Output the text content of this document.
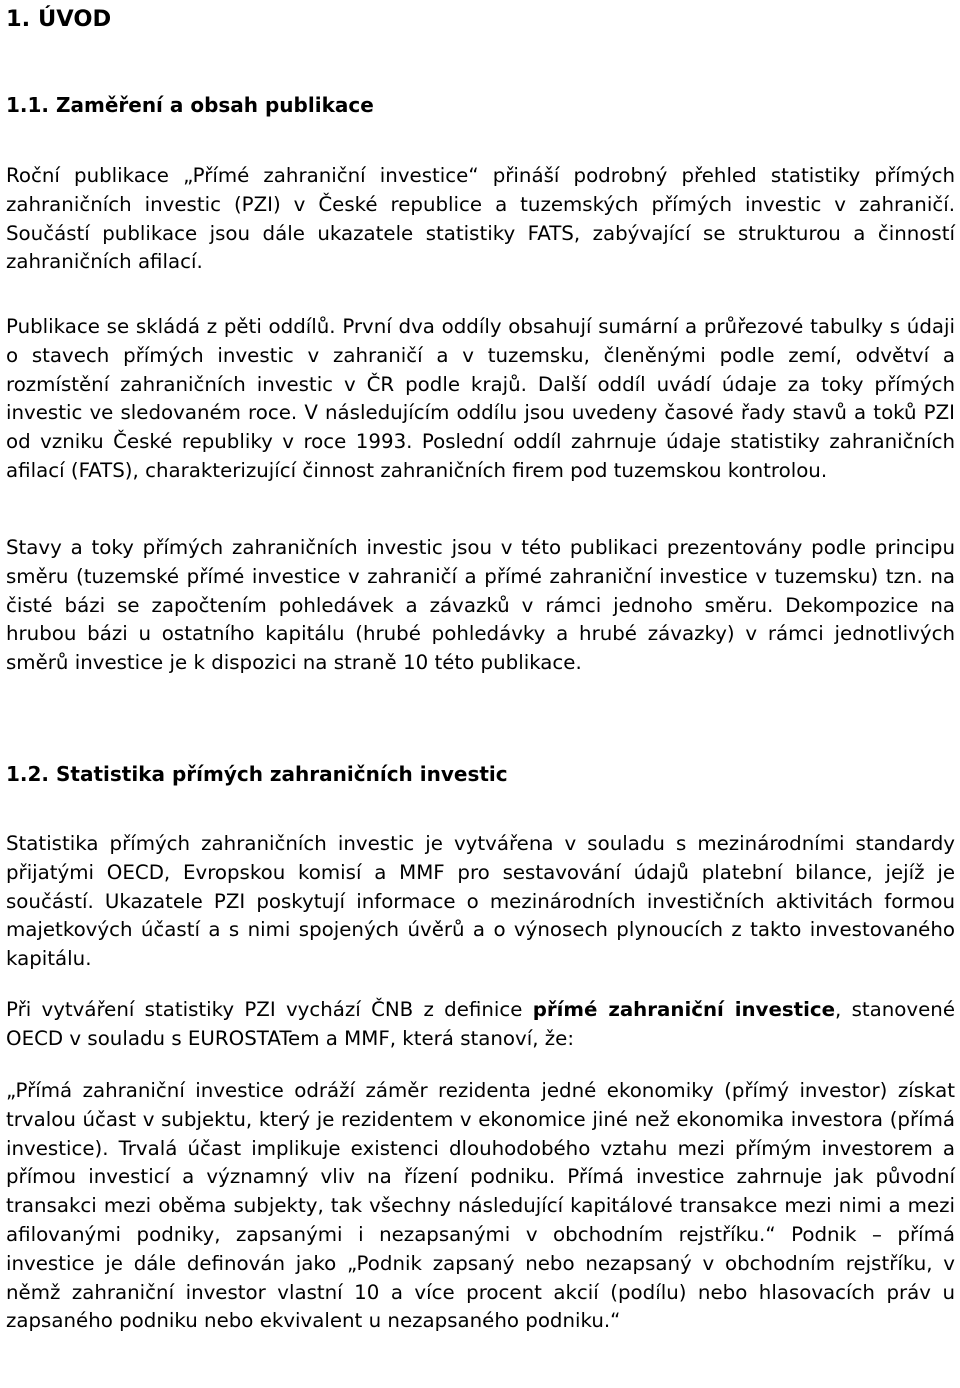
1. ÚVOD
1.1. Zaměření a obsah publikace
Roční publikace „Přímé zahraniční investice“ přináší podrobný přehled statistiky přímých zahraničních investic (PZI) v České republice a tuzemských přímých investic v zahraničí. Součástí publikace jsou dále ukazatele statistiky FATS, zabývající se strukturou a činností zahraničních afilací.
Publikace se skládá z pěti oddílů. První dva oddíly obsahují sumární a průřezové tabulky s údaji o stavech přímých investic v zahraničí a v tuzemsku, členěnými podle zemí, odvětví a rozmístění zahraničních investic v ČR podle krajů. Další oddíl uvádí údaje za toky přímých investic ve sledovaném roce. V následujícím oddílu jsou uvedeny časové řady stavů a toků PZI od vzniku České republiky v roce 1993. Poslední oddíl zahrnuje údaje statistiky zahraničních afilací (FATS), charakterizující činnost zahraničních firem pod tuzemskou kontrolou.
Stavy a toky přímých zahraničních investic jsou v této publikaci prezentovány podle principu směru (tuzemské přímé investice v zahraničí a přímé zahraniční investice v tuzemsku) tzn. na čisté bázi se započtením pohledávek a závazků v rámci jednoho směru. Dekompozice na hrubou bázi u ostatního kapitálu (hrubé pohledávky a hrubé závazky) v rámci jednotlivých směrů investice je k dispozici na straně 10 této publikace.
1.2. Statistika přímých zahraničních investic
Statistika přímých zahraničních investic je vytvářena v souladu s mezinárodními standardy přijatými OECD, Evropskou komisí a MMF pro sestavování údajů platební bilance, jejíž je součástí. Ukazatele PZI poskytují informace o mezinárodních investičních aktivitách formou majetkových účastí a s nimi spojených úvěrů a o výnosech plynoucích z takto investovaného kapitálu.
Při vytváření statistiky PZI vychází ČNB z definice přímé zahraniční investice, stanovené OECD v souladu s EUROSTATem a MMF, která stanoví, že:
„Přímá zahraniční investice odráží záměr rezidenta jedné ekonomiky (přímý investor) získat trvalou účast v subjektu, který je rezidentem v ekonomice jiné než ekonomika investora (přímá investice). Trvalá účast implikuje existenci dlouhodobého vztahu mezi přímým investorem a přímou investicí a významný vliv na řízení podniku. Přímá investice zahrnuje jak původní transakci mezi oběma subjekty, tak všechny následující kapitálové transakce mezi nimi a mezi afilovanými podniky, zapsanými i nezapsanými v obchodním rejstříku.“ Podnik – přímá investice je dále definován jako „Podnik zapsaný nebo nezapsaný v obchodním rejstříku, v němž zahraniční investor vlastní 10 a více procent akcií (podílu) nebo hlasovacích práv u zapsaného podniku nebo ekvivalent u nezapsaného podniku.“
